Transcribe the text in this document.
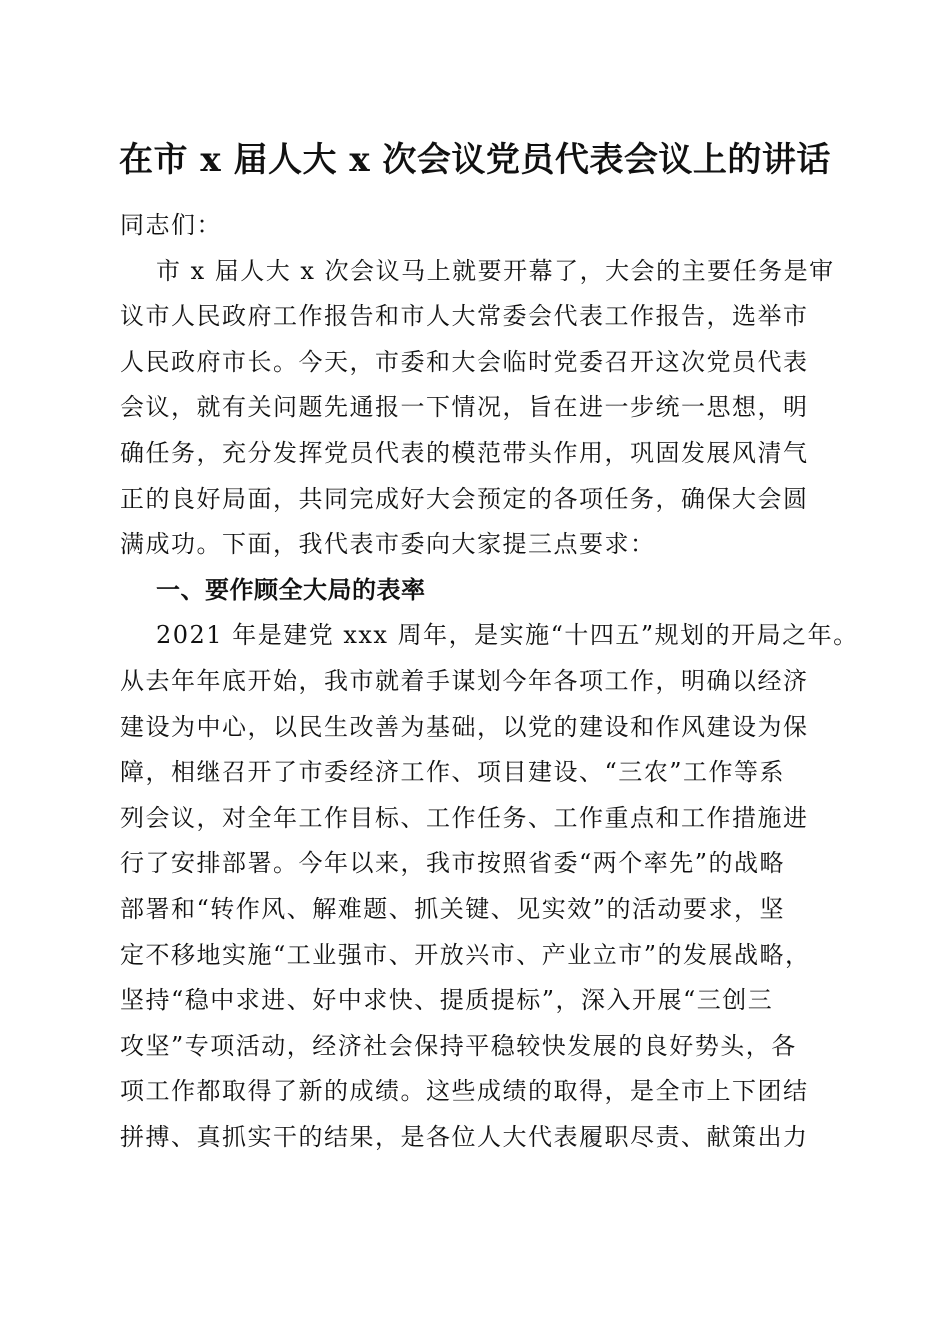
在市 x 届人大 x 次会议党员代表会议上的讲话
同志们：
市 x 届人大 x 次会议马上就要开幕了，大会的主要任务是审
议市人民政府工作报告和市人大常委会代表工作报告，选举市
人民政府市长。今天，市委和大会临时党委召开这次党员代表
会议，就有关问题先通报一下情况，旨在进一步统一思想，明
确任务，充分发挥党员代表的模范带头作用，巩固发展风清气
正的良好局面，共同完成好大会预定的各项任务，确保大会圆
满成功。下面，我代表市委向大家提三点要求：
一、要作顾全大局的表率
2021 年是建党 xxx 周年，是实施“十四五”规划的开局之年。
从去年年底开始，我市就着手谋划今年各项工作，明确以经济
建设为中心，以民生改善为基础，以党的建设和作风建设为保
障，相继召开了市委经济工作、项目建设、“三农”工作等系
列会议，对全年工作目标、工作任务、工作重点和工作措施进
行了安排部署。今年以来，我市按照省委“两个率先”的战略
部署和“转作风、解难题、抓关键、见实效”的活动要求，坚
定不移地实施“工业强市、开放兴市、产业立市”的发展战略，
坚持“稳中求进、好中求快、提质提标”，深入开展“三创三
攻坚”专项活动，经济社会保持平稳较快发展的良好势头，各
项工作都取得了新的成绩。这些成绩的取得，是全市上下团结
拼搏、真抓实干的结果，是各位人大代表履职尽责、献策出力
